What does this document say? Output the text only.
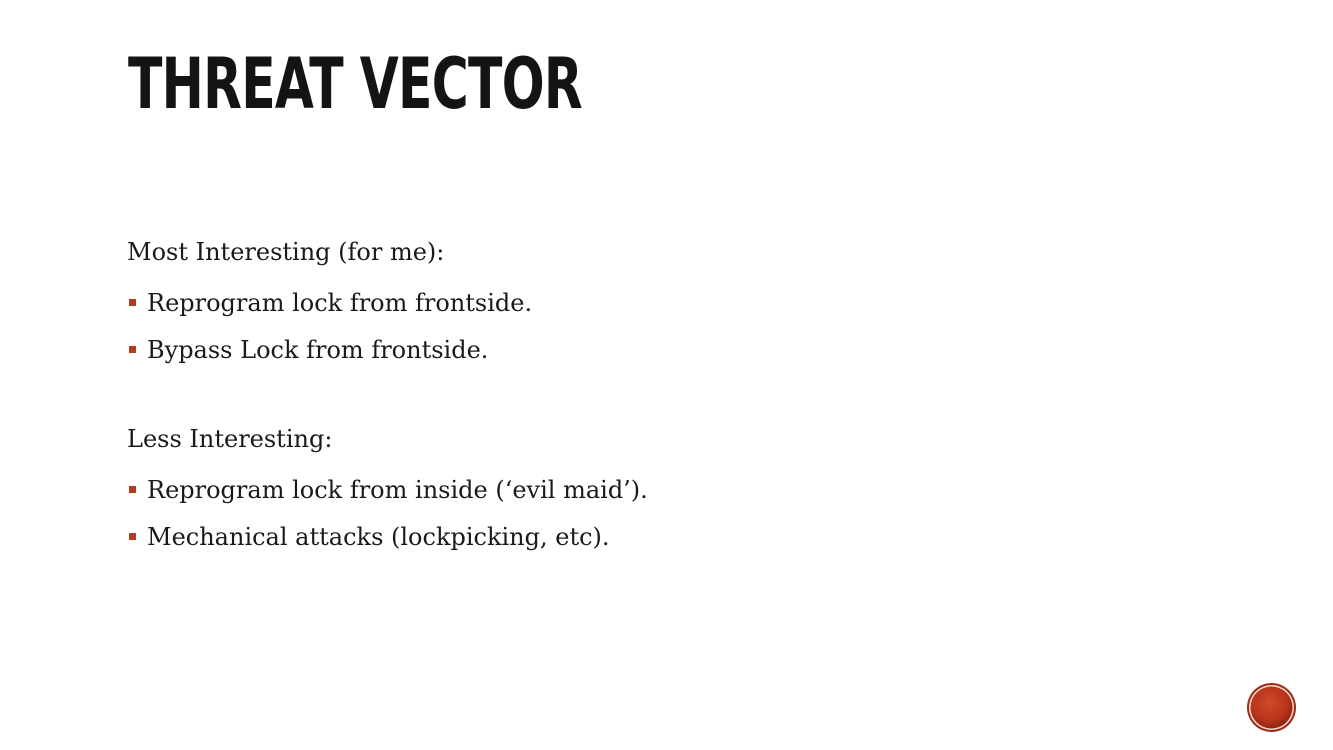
THREAT VECTOR
Most Interesting (for me):
Reprogram lock from frontside.
Bypass Lock from frontside.
Less Interesting:
Reprogram lock from inside (‘evil maid’).
Mechanical attacks (lockpicking, etc).
